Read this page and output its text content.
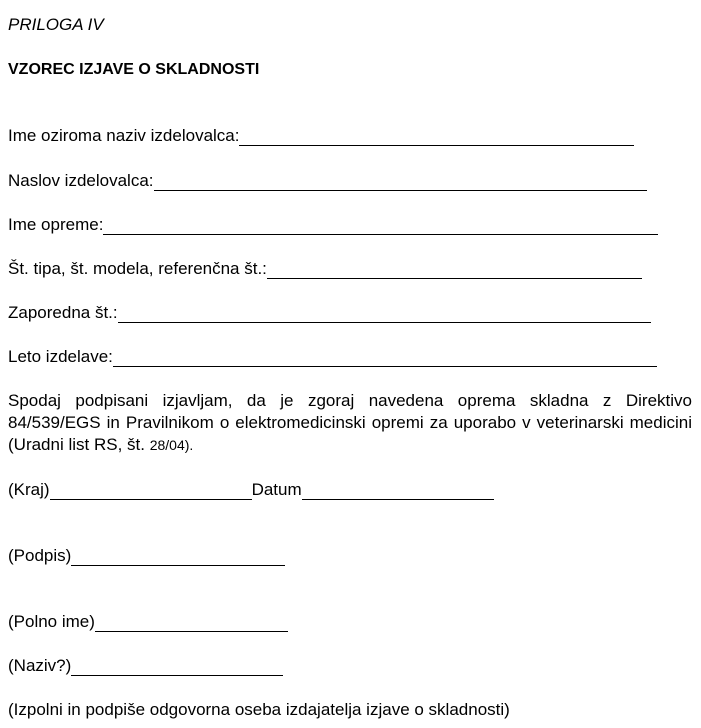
PRILOGA IV
VZOREC IZJAVE O SKLADNOSTI
Ime oziroma naziv izdelovalca:
Naslov izdelovalca:
Ime opreme:
Št. tipa, št. modela, referenčna št.:
Zaporedna št.:
Leto izdelave:
Spodaj podpisani izjavljam, da je zgoraj navedena oprema skladna z Direktivo 84/539/EGS in Pravilnikom o elektromedicinski opremi za uporabo v veterinarski medicini (Uradni list RS, št. 28/04).
(Kraj)	Datum
(Podpis)
(Polno ime)
(Naziv?)
(Izpolni in podpiše odgovorna oseba izdajatelja izjave o skladnosti)
